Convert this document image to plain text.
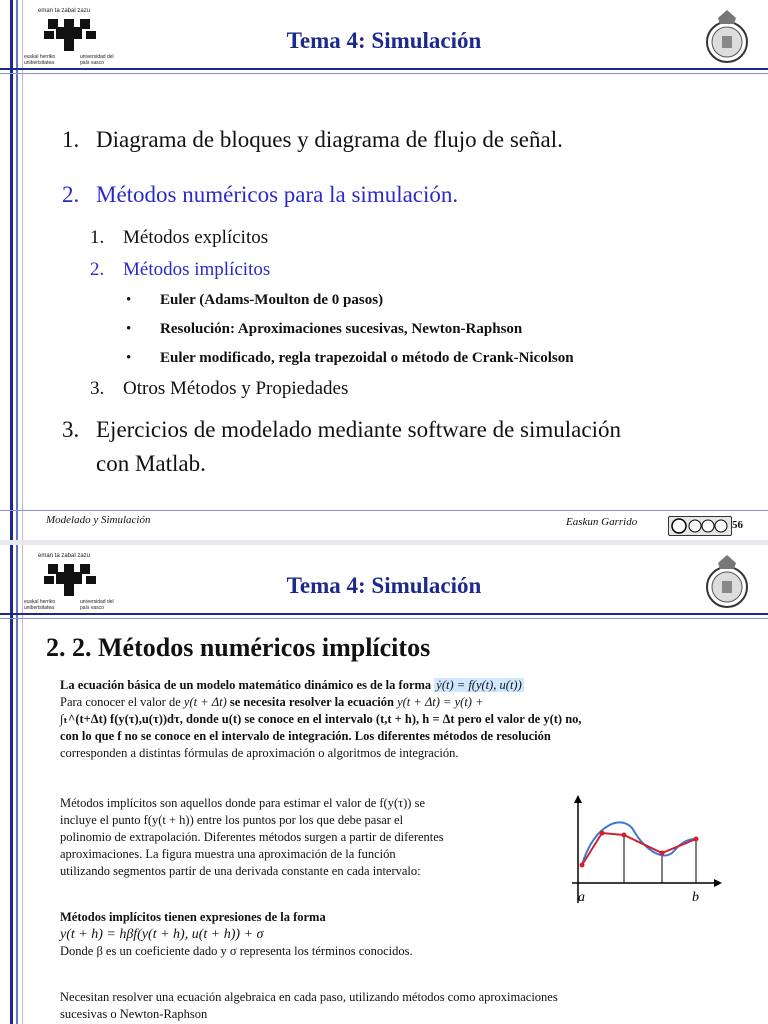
eman ta zabal zazu
euskal herriko unibertsitatea
universidad del país vasco
Tema 4: Simulación
1. Diagrama de bloques y diagrama de flujo de señal.
2. Métodos numéricos para la simulación.
1. Métodos explícitos
2. Métodos implícitos
• Euler (Adams-Moulton de 0 pasos)
• Resolución: Aproximaciones sucesivas, Newton-Raphson
• Euler modificado, regla trapezoidal o método de Crank-Nicolson
3. Otros Métodos y Propiedades
3. Ejercicios de modelado mediante software de simulación
con Matlab.
Modelado y Simulación	Easkun Garrido	56
eman ta zabal zazu
euskal herriko unibertsitatea
universidad del país vasco
Tema 4: Simulación
2. 2. Métodos numéricos implícitos
La ecuación básica de un modelo matemático dinámico es de la forma ẏ(t) = f(y(t), u(t))
Para conocer el valor de y(t + Δt) se necesita resolver la ecuación y(t + Δt) = y(t) +
∫ₜ^(t+Δt) f(y(τ),u(τ))dτ, donde u(t) se conoce en el intervalo (t,t + h), h = Δt pero el valor de y(t) no,
con lo que f no se conoce en el intervalo de integración. Los diferentes métodos de resolución
corresponden a distintas fórmulas de aproximación o algoritmos de integración.
Métodos implícitos son aquellos donde para estimar el valor de f(y(τ)) se
incluye el punto f(y(t + h)) entre los puntos por los que debe pasar el
polinomio de extrapolación. Diferentes métodos surgen a partir de diferentes
aproximaciones. La figura muestra una aproximación de la función
utilizando segmentos partir de una derivada constante en cada intervalo:
a	b
Métodos implícitos tienen expresiones de la forma
y(t + h) = hβf(y(t + h), u(t + h)) + σ
Donde β es un coeficiente dado y σ representa los términos conocidos.
Necesitan resolver una ecuación algebraica en cada paso, utilizando métodos como aproximaciones
sucesivas o Newton-Raphson
